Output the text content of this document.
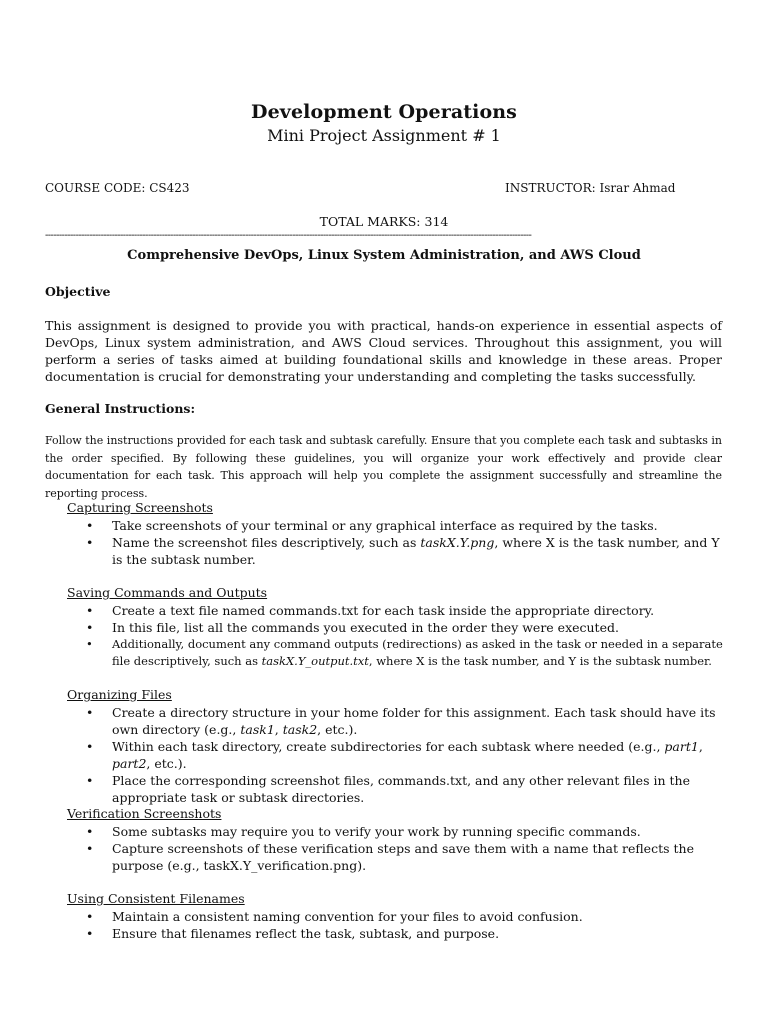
Development Operations
Mini Project Assignment # 1
COURSE CODE: CS423	INSTRUCTOR: Israr Ahmad
TOTAL MARKS: 314
-------------------------------------------------------------------------------------------------------------------------------------------------------------------------------
Comprehensive DevOps, Linux System Administration, and AWS Cloud
Objective

This assignment is designed to provide you with practical, hands-on experience in essential aspects of DevOps, Linux system administration, and AWS Cloud services. Throughout this assignment, you will perform a series of tasks aimed at building foundational skills and knowledge in these areas. Proper documentation is crucial for demonstrating your understanding and completing the tasks successfully.

General Instructions:

Follow the instructions provided for each task and subtask carefully. Ensure that you complete each task and subtasks in the order specified. By following these guidelines, you will organize your work effectively and provide clear documentation for each task. This approach will help you complete the assignment successfully and streamline the reporting process.

Capturing Screenshots
• Take screenshots of your terminal or any graphical interface as required by the tasks.
• Name the screenshot files descriptively, such as taskX.Y.png, where X is the task number, and Y is the subtask number.
Saving Commands and Outputs
• Create a text file named commands.txt for each task inside the appropriate directory.
• In this file, list all the commands you executed in the order they were executed.
• Additionally, document any command outputs (redirections) as asked in the task or needed in a separate file descriptively, such as taskX.Y_output.txt, where X is the task number, and Y is the subtask number.
Organizing Files
• Create a directory structure in your home folder for this assignment. Each task should have its own directory (e.g., task1, task2, etc.).
• Within each task directory, create subdirectories for each subtask where needed (e.g., part1, part2, etc.).
• Place the corresponding screenshot files, commands.txt, and any other relevant files in the appropriate task or subtask directories.
Verification Screenshots
• Some subtasks may require you to verify your work by running specific commands.
• Capture screenshots of these verification steps and save them with a name that reflects the purpose (e.g., taskX.Y_verification.png).
Using Consistent Filenames
• Maintain a consistent naming convention for your files to avoid confusion.
• Ensure that filenames reflect the task, subtask, and purpose.
